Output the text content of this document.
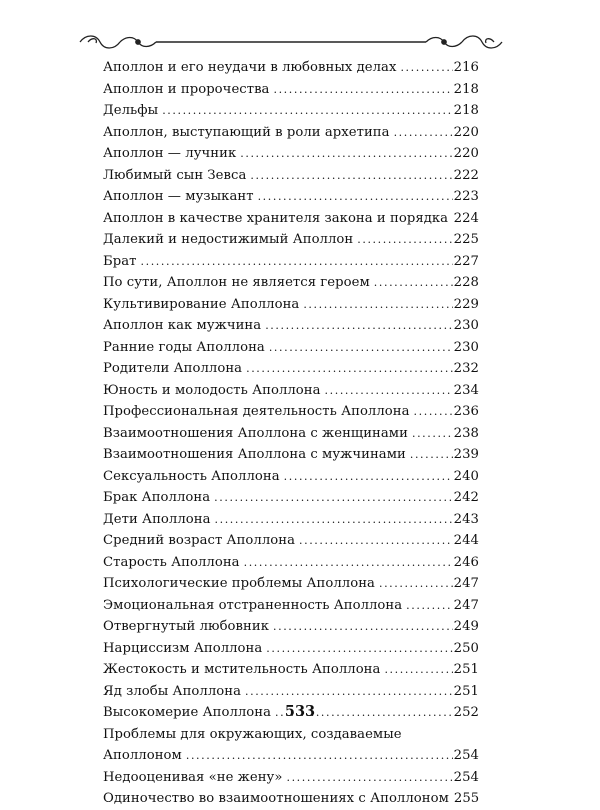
Аполлон и его неудачи в любовных делах .....	216
Аполлон и пророчества .....	218
Дельфы .....	218
Аполлон, выступающий в роли архетипа .....	220
Аполлон — лучник .....	220
Любимый сын Зевса .....	222
Аполлон — музыкант .....	223
Аполлон в качестве хранителя закона и порядка ..... 224
Далекий и недостижимый Аполлон .....	225
Брат .....	227
По сути, Аполлон не является героем .....	228
Культивирование Аполлона .....	229
Аполлон как мужчина .....	230
Ранние годы Аполлона .....	230
Родители Аполлона .....	232
Юность и молодость Аполлона .....	234
Профессиональная деятельность Аполлона .....	236
Взаимоотношения Аполлона с женщинами .....	238
Взаимоотношения Аполлона с мужчинами .....	239
Сексуальность Аполлона .....	240
Брак Аполлона .....	242
Дети Аполлона .....	243
Средний возраст Аполлона .....	244
Старость Аполлона .....	246
Психологические проблемы Аполлона .....	247
Эмоциональная отстраненность Аполлона .....	247
Отвергнутый любовник .....	249
Нарциссизм Аполлона .....	250
Жестокость и мстительность Аполлона .....	251
Яд злобы Аполлона .....	251
Высокомерие Аполлона .....	252
Проблемы для окружающих, создаваемые
Аполлоном .....	254
Недооценивая «не жену» .....	254
Одиночество во взаимоотношениях с Аполлоном 255
533
